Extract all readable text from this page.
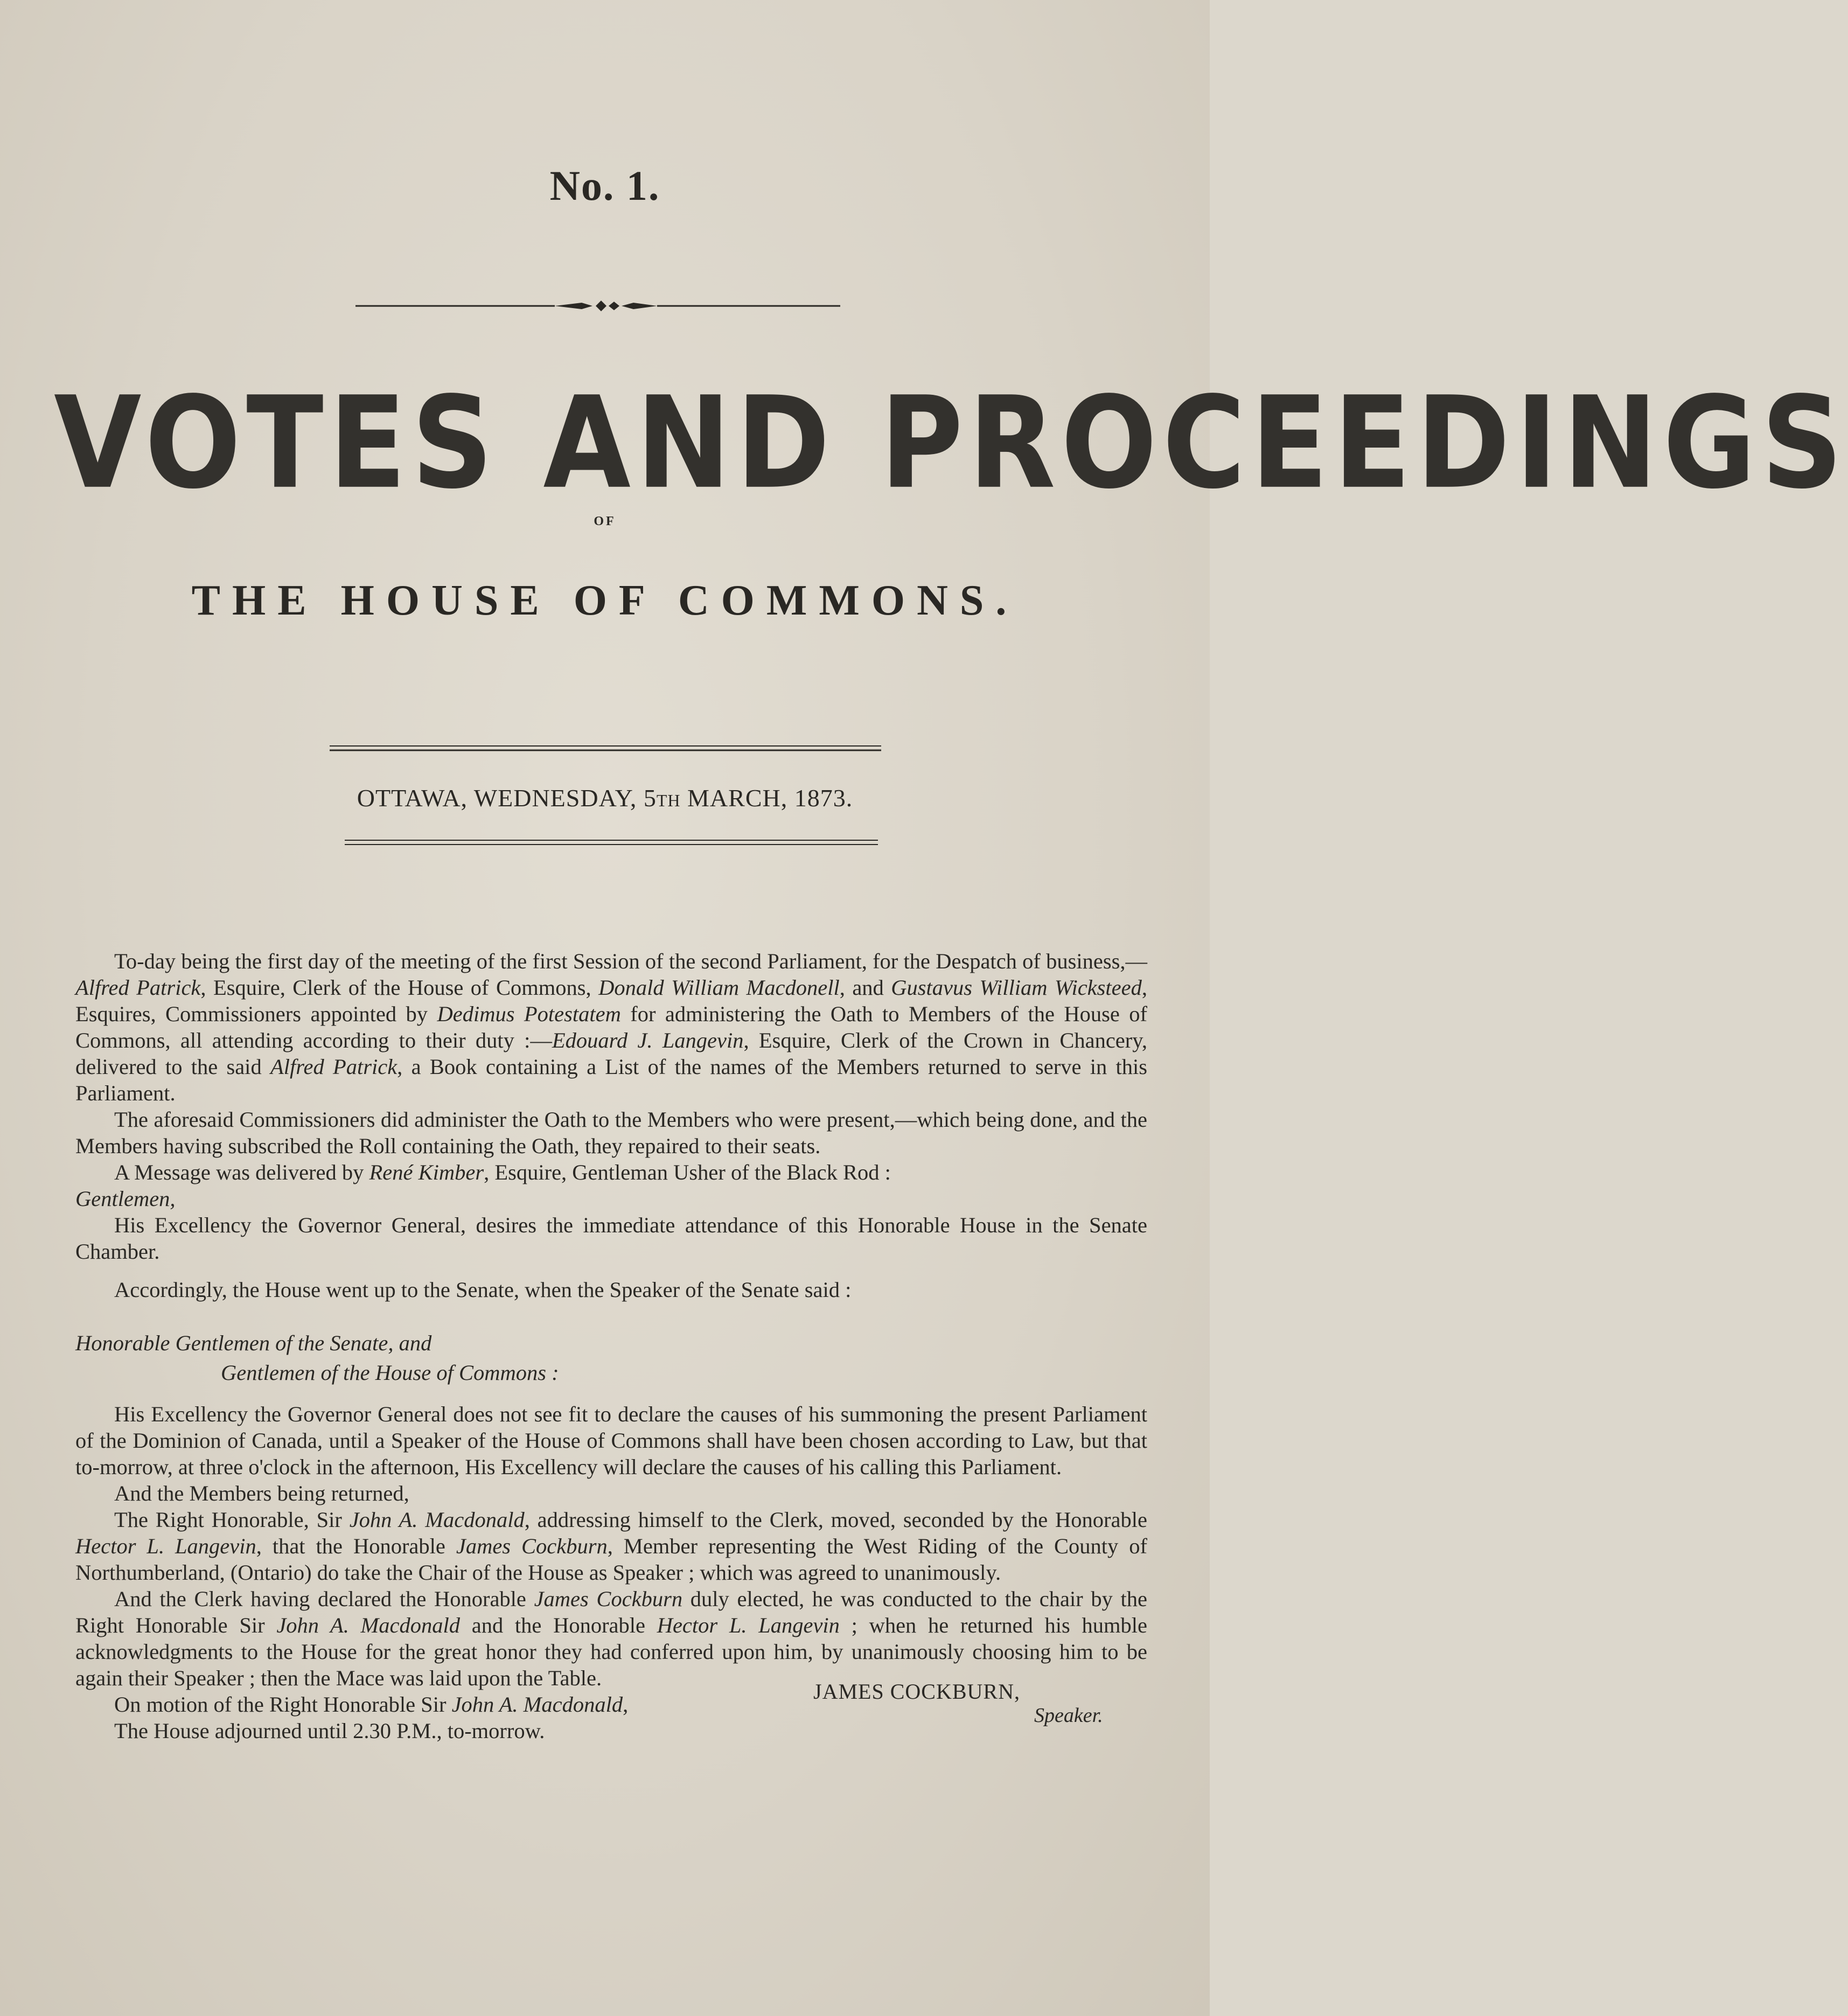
No. 1.
VOTES AND PROCEEDINGS
OF
THE HOUSE OF COMMONS.
OTTAWA, WEDNESDAY, 5TH MARCH, 1873.

To-day being the first day of the meeting of the first Session of the second Parliament, for the Despatch of business,—Alfred Patrick, Esquire, Clerk of the House of Commons, Donald William Macdonell, and Gustavus William Wicksteed, Esquires, Commissioners appointed by Dedimus Potestatem for administering the Oath to Members of the House of Commons, all attending according to their duty :—Edouard J. Langevin, Esquire, Clerk of the Crown in Chancery, delivered to the said Alfred Patrick, a Book containing a List of the names of the Members returned to serve in this Parliament.

The aforesaid Commissioners did administer the Oath to the Members who were present,—which being done, and the Members having subscribed the Roll containing the Oath, they repaired to their seats.

A Message was delivered by René Kimber, Esquire, Gentleman Usher of the Black Rod :

Gentlemen,

His Excellency the Governor General, desires the immediate attendance of this Honorable House in the Senate Chamber.

Accordingly, the House went up to the Senate, when the Speaker of the Senate said :

Honorable Gentlemen of the Senate, and

Gentlemen of the House of Commons :

His Excellency the Governor General does not see fit to declare the causes of his summoning the present Parliament of the Dominion of Canada, until a Speaker of the House of Commons shall have been chosen according to Law, but that to-morrow, at three o'clock in the afternoon, His Excellency will declare the causes of his calling this Parliament.

And the Members being returned,

The Right Honorable, Sir John A. Macdonald, addressing himself to the Clerk, moved, seconded by the Honorable Hector L. Langevin, that the Honorable James Cockburn, Member representing the West Riding of the County of Northumberland, (Ontario) do take the Chair of the House as Speaker ; which was agreed to unanimously.

And the Clerk having declared the Honorable James Cockburn duly elected, he was conducted to the chair by the Right Honorable Sir John A. Macdonald and the Honorable Hector L. Langevin ; when he returned his humble acknowledgments to the House for the great honor they had conferred upon him, by unanimously choosing him to be again their Speaker ; then the Mace was laid upon the Table.

On motion of the Right Honorable Sir John A. Macdonald,

The House adjourned until 2.30 P.M., to-morrow.

JAMES COCKBURN,
Speaker.
